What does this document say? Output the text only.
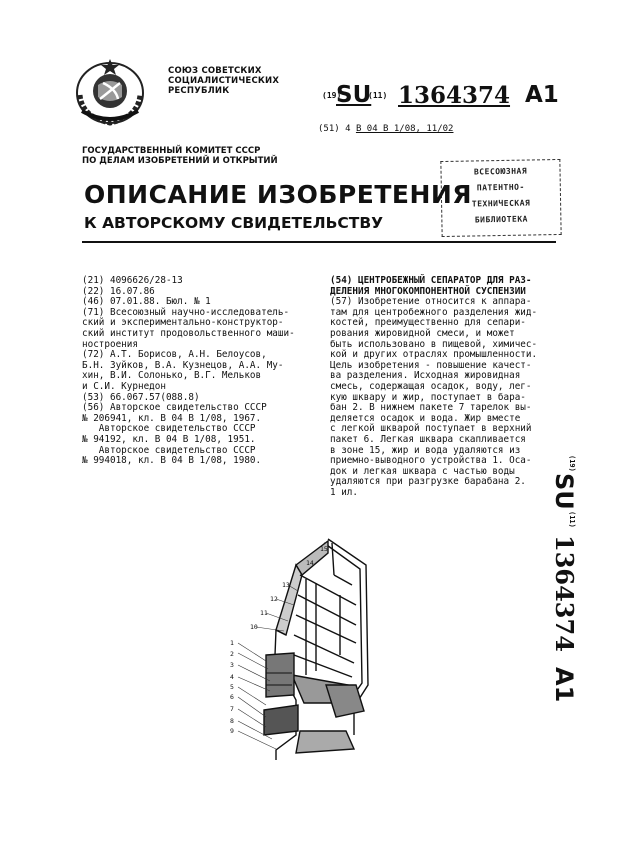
СОЮЗ СОВЕТСКИХ
СОЦИАЛИСТИЧЕСКИХ
РЕСПУБЛИК	(19)
SU
(11) 1364374 A1
(51) 4 B 04 B 1/08, 11/02
ГОСУДАРСТВЕННЫЙ КОМИТЕТ СССР
ПО ДЕЛАМ ИЗОБРЕТЕНИЙ И ОТКРЫТИЙ
ВСЕСОЮЗНАЯ
ПАТЕНТНО-
ТЕХНИЧЕСКАЯ
БИБЛИОТЕКА
ОПИСАНИЕ ИЗОБРЕТЕНИЯ
К АВТОРСКОМУ СВИДЕТЕЛЬСТВУ
(21) 4096626/28-13
(22) 16.07.86
(46) 07.01.88. Бюл. № 1
(71) Всесоюзный научно-исследователь-
ский и экспериментально-конструктор-
ский институт продовольственного маши-
ностроения
(72) А.Т. Борисов, А.Н. Белоусов,
Б.Н. Зуйков, В.А. Кузнецов, А.А. Му-
хин, В.И. Солонько, В.Г. Мельков
и С.И. Курнедон
(53) 66.067.57(088.8)
(56) Авторское свидетельство СССР
№ 206941, кл. В 04 В 1/08, 1967.
Авторское свидетельство СССР
№ 94192, кл. В 04 В 1/08, 1951.
Авторское свидетельство СССР
№ 994018, кл. В 04 В 1/08, 1980.
(54) ЦЕНТРОБЕЖНЫЙ СЕПАРАТОР ДЛЯ РАЗ-
ДЕЛЕНИЯ МНОГОКОМПОНЕНТНОЙ СУСПЕНЗИИ
(57) Изобретение относится к аппара-
там для центробежного разделения жид-
костей, преимущественно для сепари-
рования жировидной смеси, и может
быть использовано в пищевой, химичес-
кой и других отраслях промышленности.
Цель изобретения - повышение качест-
ва разделения. Исходная жировидная
смесь, содержащая осадок, воду, лег-
кую шквару и жир, поступает в бара-
бан 2. В нижнем пакете 7 тарелок вы-
деляется осадок и вода. Жир вместе
с легкой шкварой поступает в верхний
пакет 6. Легкая шквара скапливается
в зоне 15, жир и вода удаляются из
приемно-выводного устройства 1. Оса-
док и легкая шквара с частью воды
удаляются при разгрузке барабана 2.
1 ил.
(19)
SU
(11)
1364374
A1
1
2
3
4
5
6
7
8
9
10
11
12
13
14
15
